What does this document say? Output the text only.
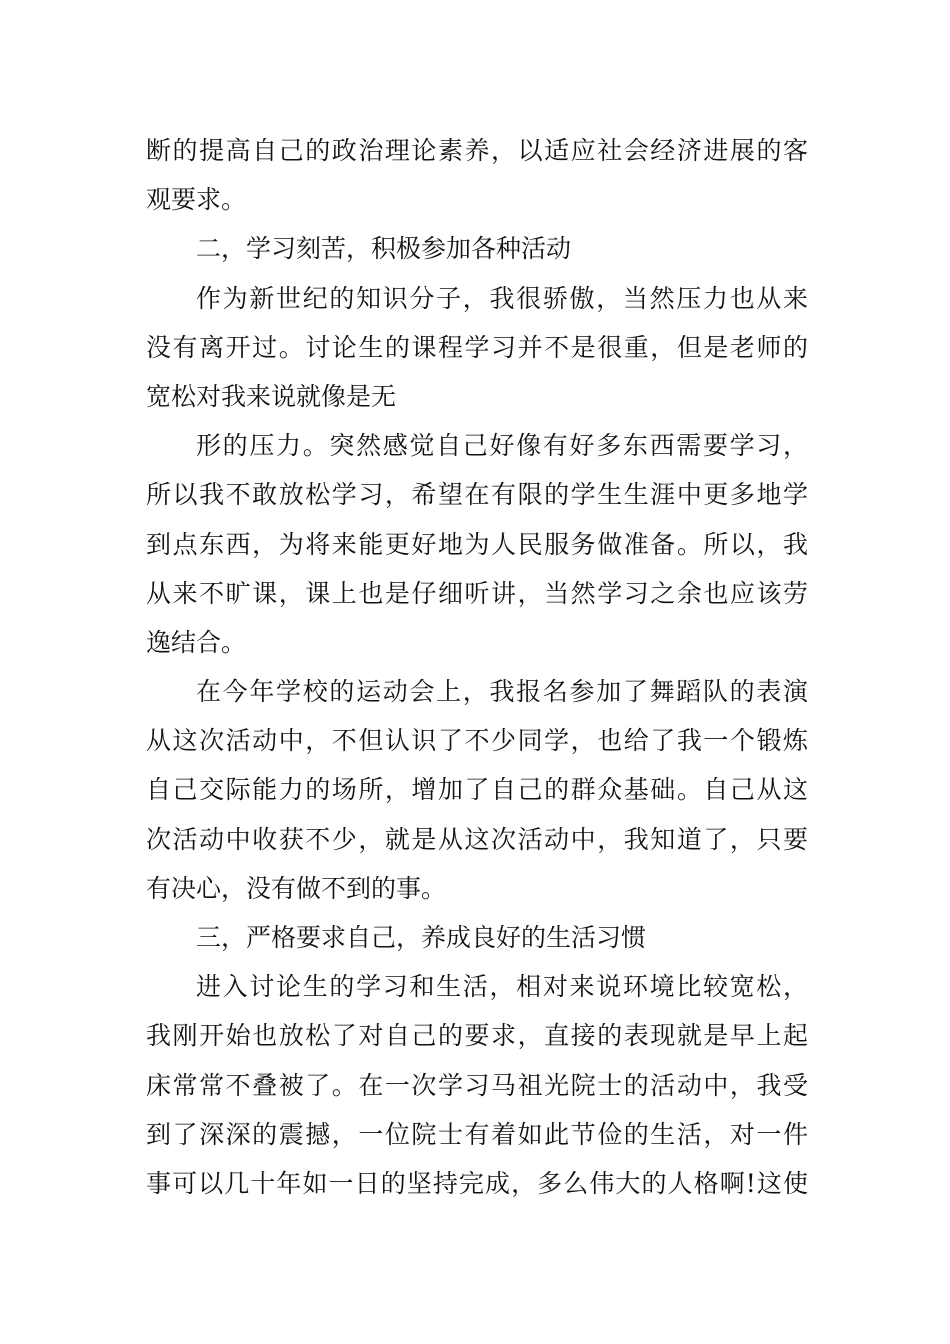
断的提高自己的政治理论素养，以适应社会经济进展的客
观要求。
二，学习刻苦，积极参加各种活动
作为新世纪的知识分子，我很骄傲，当然压力也从来
没有离开过。讨论生的课程学习并不是很重，但是老师的
宽松对我来说就像是无
形的压力。突然感觉自己好像有好多东西需要学习，
所以我不敢放松学习，希望在有限的学生生涯中更多地学
到点东西，为将来能更好地为人民服务做准备。所以，我
从来不旷课，课上也是仔细听讲，当然学习之余也应该劳
逸结合。
在今年学校的运动会上，我报名参加了舞蹈队的表演
从这次活动中，不但认识了不少同学，也给了我一个锻炼
自己交际能力的场所，增加了自己的群众基础。自己从这
次活动中收获不少，就是从这次活动中，我知道了，只要
有决心，没有做不到的事。
三，严格要求自己，养成良好的生活习惯
进入讨论生的学习和生活，相对来说环境比较宽松，
我刚开始也放松了对自己的要求，直接的表现就是早上起
床常常不叠被了。在一次学习马祖光院士的活动中，我受
到了深深的震撼，一位院士有着如此节俭的生活，对一件
事可以几十年如一日的坚持完成，多么伟大的人格啊!这使
